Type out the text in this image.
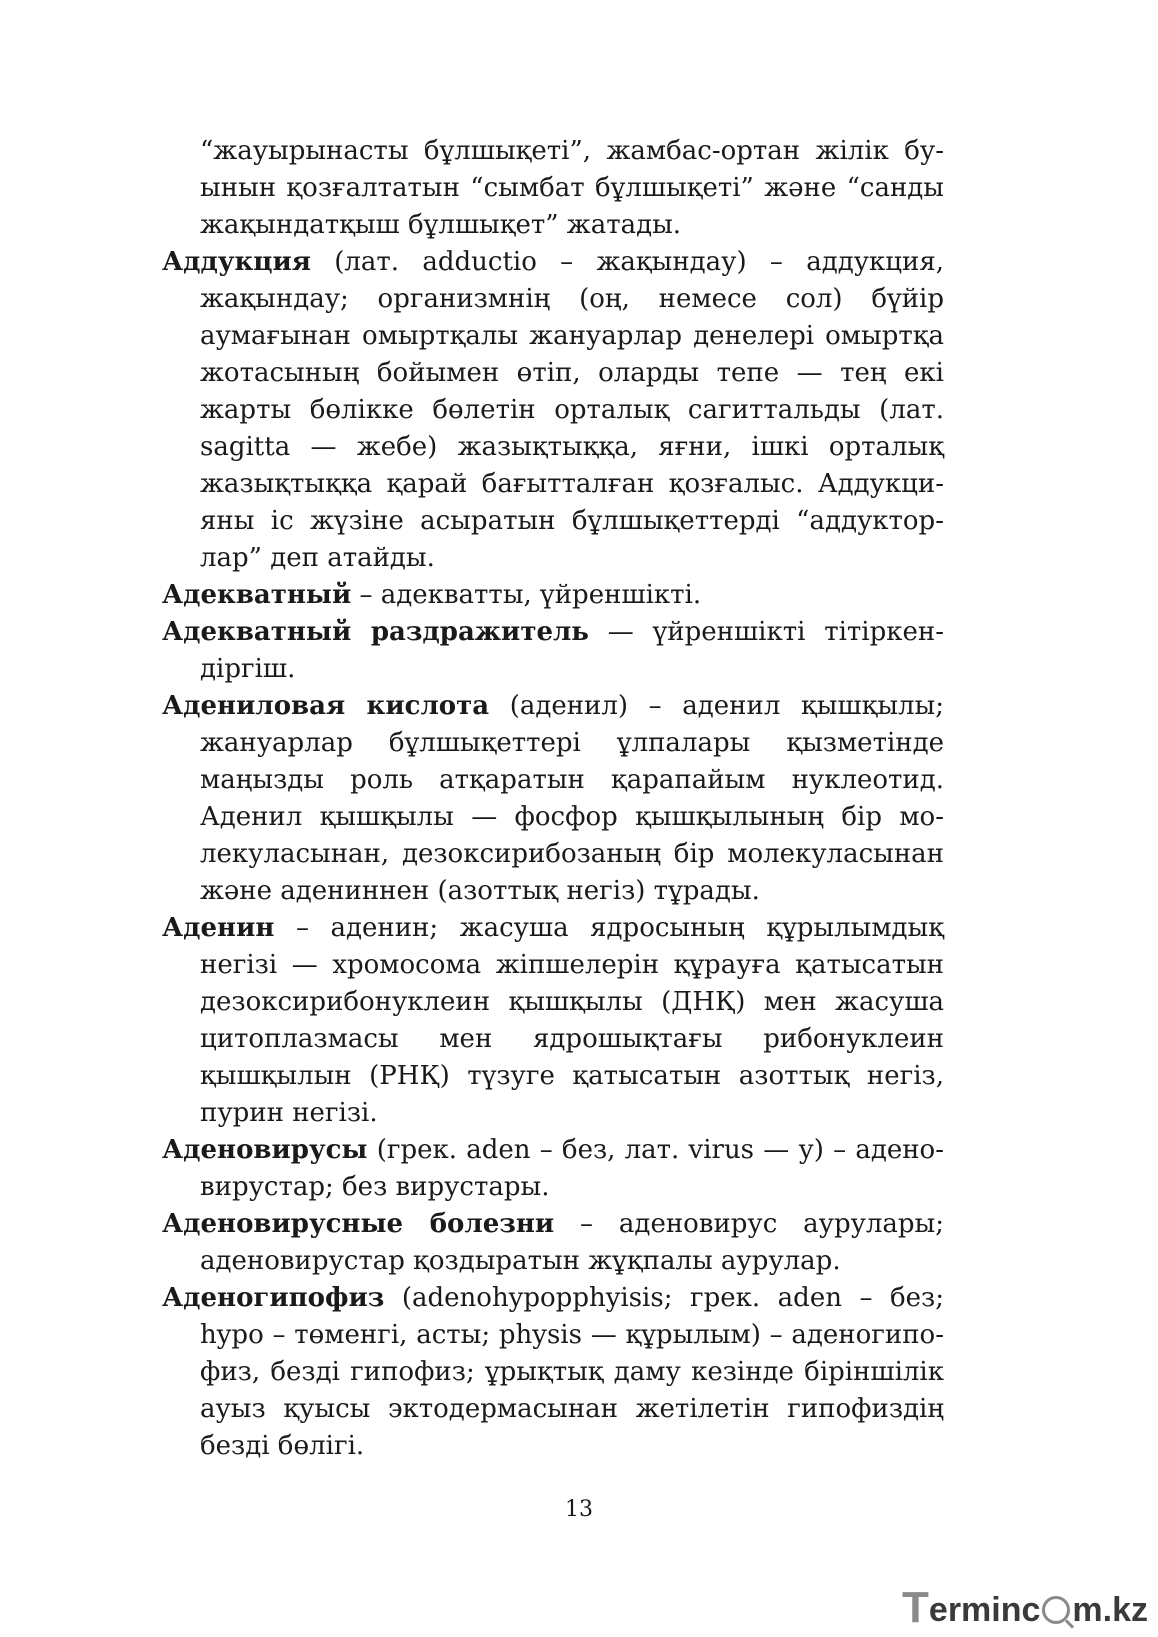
“жауырынасты бұлшықеті”, жамбас-ортан жілік буынын қозғалтатын “сымбат бұлшықеті” және “санды жақындатқыш бұлшықет” жатады.

Аддукция (лат. adductio – жақындау) – аддукция, жақындау; организмнің (оң, немесе сол) бүйір аумағынан омыртқалы жануарлар денелері омыртқа жотасының бойымен өтіп, оларды тепе — тең екі жарты бөлікке бөлетін орталық сагиттальды (лат. sagitta — жебе) жазықтыққа, яғни, ішкі орталық жазықтыққа қарай бағытталған қозғалыс. Аддукцияны іс жүзіне асыратын бұлшықеттерді “аддукторлар” деп атайды.

Адекватный – адекватты, үйреншікті.

Адекватный раздражитель — үйреншікті тітіркендіргіш.

Адениловая кислота (аденил) – аденил қышқылы; жануарлар бұлшықеттері ұлпалары қызметінде маңызды роль атқаратын қарапайым нуклеотид. Аденил қышқылы — фосфор қышқылының бір молекуласынан, дезоксирибозаның бір молекуласынан және адениннен (азоттық негіз) тұрады.

Аденин – аденин; жасуша ядросының құрылымдық негізі — хромосома жіпшелерін құрауға қатысатын дезоксирибонуклеин қышқылы (ДНҚ) мен жасуша цитоплазмасы мен ядрошықтағы рибонуклеин қышқылын (РНҚ) түзуге қатысатын азоттық негіз, пурин негізі.

Аденовирусы (грек. aden – без, лат. virus — у) – аденовирустар; без вирустары.

Аденовирусные болезни – аденовирус аурулары; аденовирустар қоздыратын жұқпалы аурулар.

Аденогипофиз (adenohypopphyisis; грек. aden – без; hypo – төменгі, асты; physis — құрылым) – аденогипофиз, безді гипофиз; ұрықтық даму кезінде біріншілік ауыз қуысы эктодермасынан жетілетін гипофиздің безді бөлігі.

13
T erminc m.kz
